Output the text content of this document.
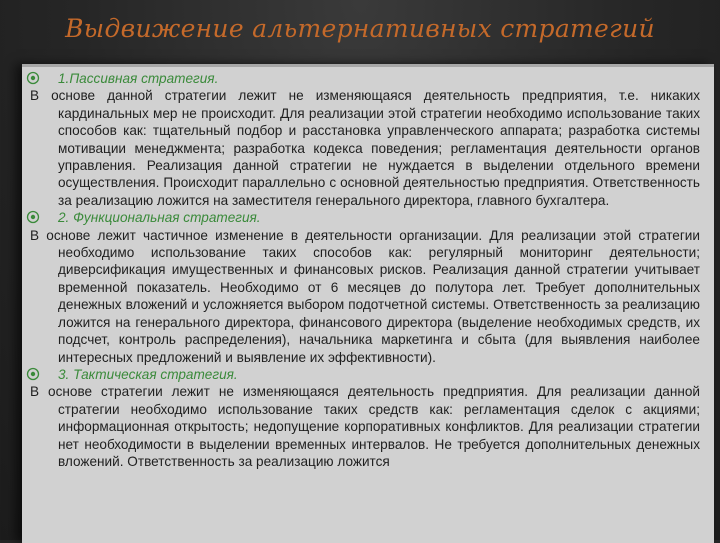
Выдвижение альтернативных стратегий
1.Пассивная стратегия.

В основе данной стратегии лежит не изменяющаяся деятельность предприятия, т.е. никаких кардинальных мер не происходит. Для реализации этой стратегии необходимо использование таких способов как: тщательный подбор и расстановка управленческого аппарата; разработка системы мотивации менеджмента; разработка кодекса поведения; регламентация деятельности органов управления. Реализация данной стратегии не нуждается в выделении отдельного времени осуществления. Происходит параллельно с основной деятельностью предприятия. Ответственность за реализацию ложится на заместителя генерального директора, главного бухгалтера.

2. Функциональная стратегия.

В основе лежит частичное изменение в деятельности организации. Для реализации этой стратегии необходимо использование таких способов как: регулярный мониторинг деятельности; диверсификация имущественных и финансовых рисков. Реализация данной стратегии учитывает временной показатель. Необходимо от 6 месяцев до полутора лет. Требует дополнительных денежных вложений и усложняется выбором подотчетной системы. Ответственность за реализацию ложится на генерального директора, финансового директора (выделение необходимых средств, их подсчет, контроль распределения), начальника маркетинга и сбыта (для выявления наиболее интересных предложений и выявление их эффективности).

3. Тактическая стратегия.

В основе стратегии лежит не изменяющаяся деятельность предприятия. Для реализации данной стратегии необходимо использование таких средств как: регламентация сделок с акциями; информационная открытость; недопущение корпоративных конфликтов. Для реализации стратегии нет необходимости в выделении временных интервалов. Не требуется дополнительных денежных вложений. Ответственность за реализацию ложится
